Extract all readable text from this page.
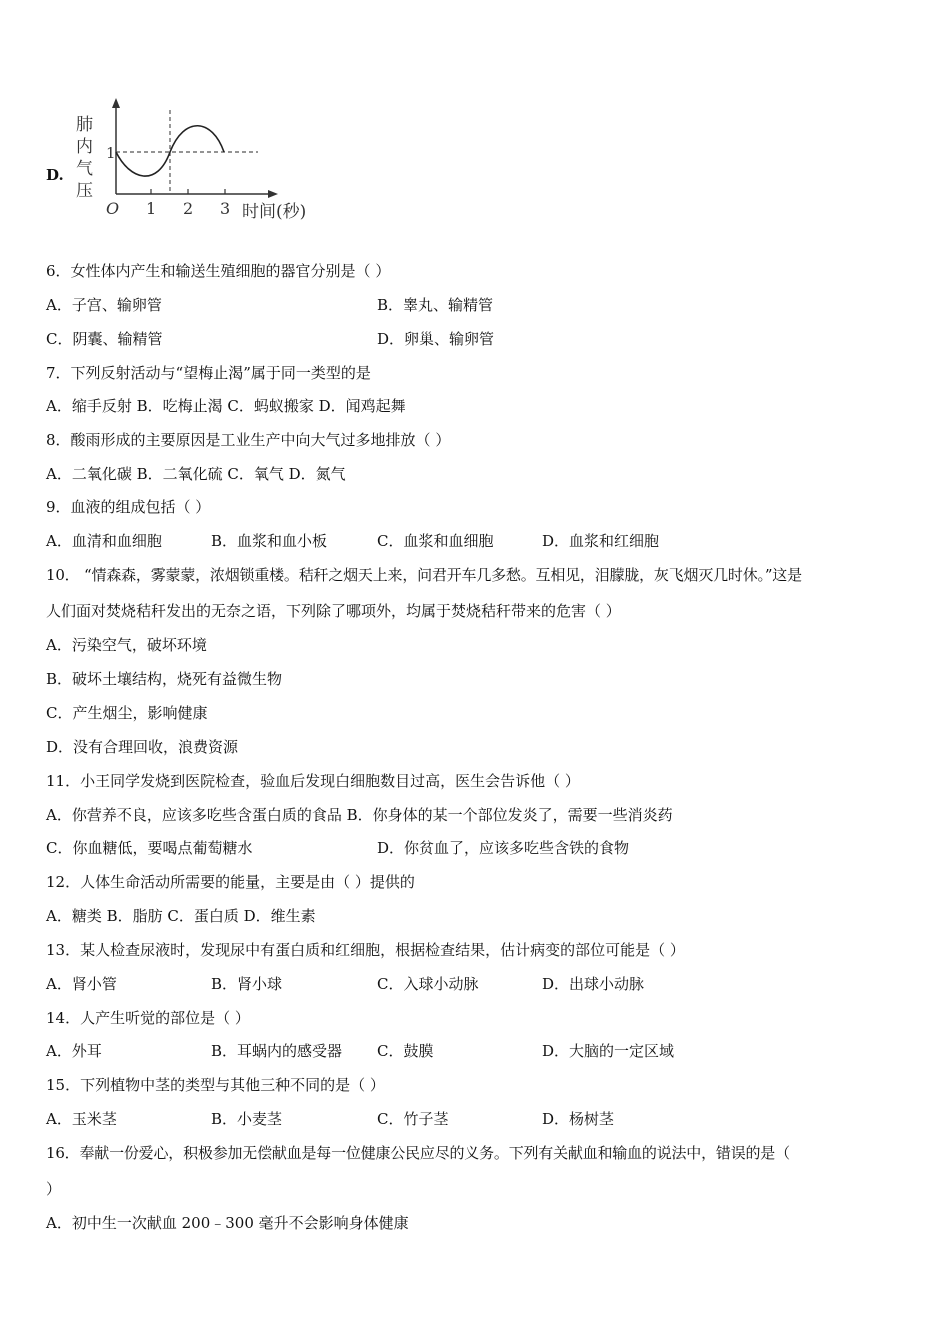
D.
肺
内
气
压
1
O 1 2 3 时间(秒)
6．女性体内产生和输送生殖细胞的器官分别是（ ）
A．子宫、输卵管	B．睾丸、输精管
C．阴囊、输精管	D．卵巢、输卵管
7．下列反射活动与“望梅止渴”属于同一类型的是
A．缩手反射 B．吃梅止渴 C．蚂蚁搬家 D．闻鸡起舞
8．酸雨形成的主要原因是工业生产中向大气过多地排放（ ）
A．二氧化碳 B．二氧化硫 C．氧气 D．氮气
9．血液的组成包括（ ）
A．血清和血细胞	B．血浆和血小板	C．血浆和血细胞	D．血浆和红细胞
10． “情森森，雾蒙蒙，浓烟锁重楼。秸秆之烟天上来，问君开车几多愁。互相见，泪朦胧，灰飞烟灭几时休。”这是
人们面对焚烧秸秆发出的无奈之语，下列除了哪项外，均属于焚烧秸秆带来的危害（ ）
A．污染空气，破坏环境
B．破坏土壤结构，烧死有益微生物
C．产生烟尘，影响健康
D．没有合理回收，浪费资源
11．小王同学发烧到医院检查，验血后发现白细胞数目过高，医生会告诉他（ ）
A．你营养不良，应该多吃些含蛋白质的食品 B．你身体的某一个部位发炎了，需要一些消炎药
C．你血糖低，要喝点葡萄糖水	D．你贫血了，应该多吃些含铁的食物
12．人体生命活动所需要的能量，主要是由（ ）提供的
A．糖类 B．脂肪 C．蛋白质 D．维生素
13．某人检查尿液时，发现尿中有蛋白质和红细胞，根据检查结果，估计病变的部位可能是（ ）
A．肾小管	B．肾小球	C．入球小动脉	D．出球小动脉
14．人产生听觉的部位是（ ）
A．外耳	B．耳蜗内的感受器 C．鼓膜	D．大脑的一定区域
15．下列植物中茎的类型与其他三种不同的是（ ）
A．玉米茎	B．小麦茎	C．竹子茎	D．杨树茎
16．奉献一份爱心，积极参加无偿献血是每一位健康公民应尽的义务。下列有关献血和输血的说法中，错误的是（
）
A．初中生一次献血 200﹣300 毫升不会影响身体健康
